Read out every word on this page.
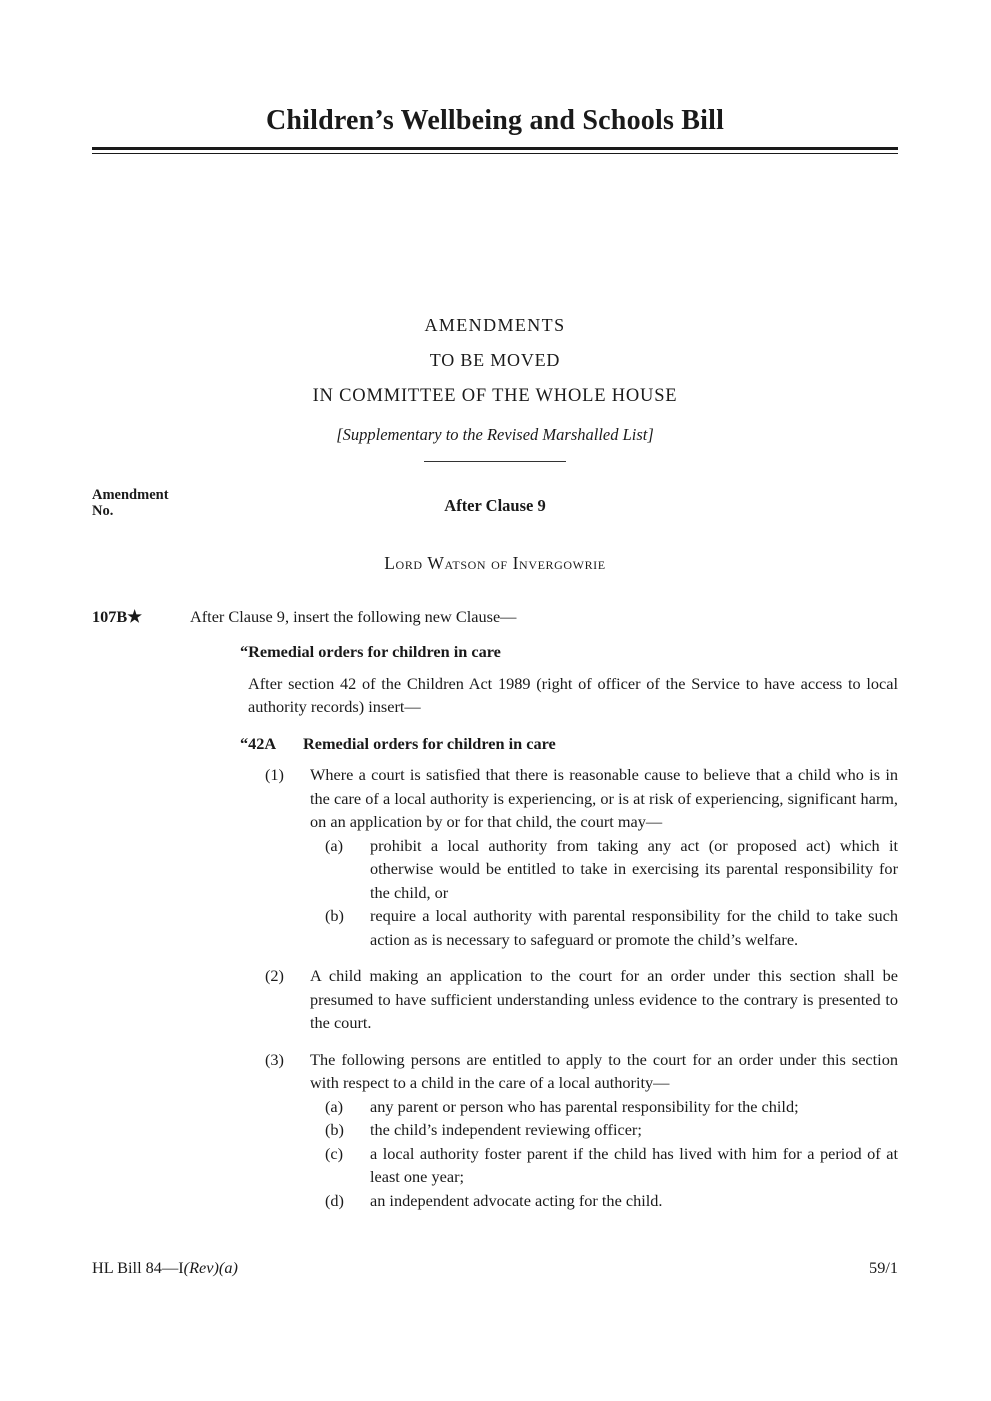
Children’s Wellbeing and Schools Bill
AMENDMENTS
TO BE MOVED
IN COMMITTEE OF THE WHOLE HOUSE
[Supplementary to the Revised Marshalled List]
Amendment
No.	After Clause 9
Lord Watson of Invergowrie
107B★	After Clause 9, insert the following new Clause—
“Remedial orders for children in care
After section 42 of the Children Act 1989 (right of officer of the Service to have access to local authority records) insert—
“42A Remedial orders for children in care
(1) Where a court is satisfied that there is reasonable cause to believe that a child who is in the care of a local authority is experiencing, or is at risk of experiencing, significant harm, on an application by or for that child, the court may—
(a) prohibit a local authority from taking any act (or proposed act) which it otherwise would be entitled to take in exercising its parental responsibility for the child, or
(b) require a local authority with parental responsibility for the child to take such action as is necessary to safeguard or promote the child’s welfare.
(2) A child making an application to the court for an order under this section shall be presumed to have sufficient understanding unless evidence to the contrary is presented to the court.
(3) The following persons are entitled to apply to the court for an order under this section with respect to a child in the care of a local authority—
(a) any parent or person who has parental responsibility for the child;
(b) the child’s independent reviewing officer;
(c) a local authority foster parent if the child has lived with him for a period of at least one year;
(d) an independent advocate acting for the child.
HL Bill 84—I(Rev)(a)	59/1
